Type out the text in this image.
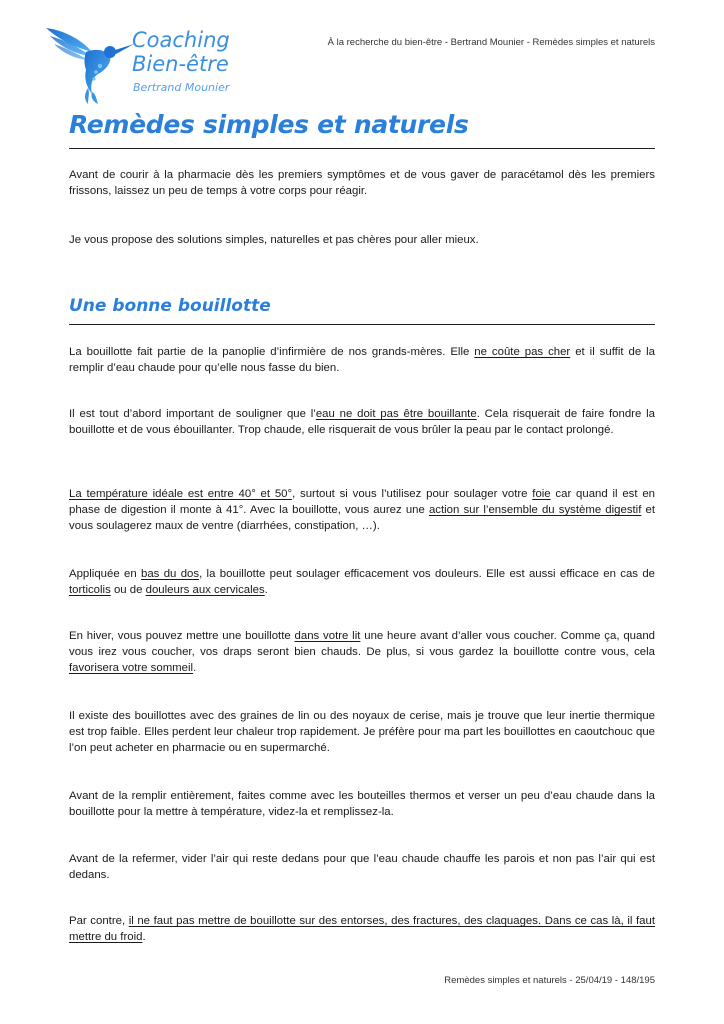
Coaching
Bien-être
Bertrand Mounier
À la recherche du bien-être - Bertrand Mounier - Remèdes simples et naturels
Remèdes simples et naturels
Avant de courir à la pharmacie dès les premiers symptômes et de vous gaver de paracétamol dès les premiers frissons, laissez un peu de temps à votre corps pour réagir.
Je vous propose des solutions simples, naturelles et pas chères pour aller mieux.
Une bonne bouillotte
La bouillotte fait partie de la panoplie d’infirmière de nos grands-mères. Elle ne coûte pas cher et il suffit de la remplir d’eau chaude pour qu’elle nous fasse du bien.
Il est tout d’abord important de souligner que l’eau ne doit pas être bouillante. Cela risquerait de faire fondre la bouillotte et de vous ébouillanter. Trop chaude, elle risquerait de vous brûler la peau par le contact prolongé.
La température idéale est entre 40° et 50°, surtout si vous l’utilisez pour soulager votre foie car quand il est en phase de digestion il monte à 41°. Avec la bouillotte, vous aurez une action sur l’ensemble du système digestif et vous soulagerez maux de ventre (diarrhées, constipation, …).
Appliquée en bas du dos, la bouillotte peut soulager efficacement vos douleurs. Elle est aussi efficace en cas de torticolis ou de douleurs aux cervicales.
En hiver, vous pouvez mettre une bouillotte dans votre lit une heure avant d’aller vous coucher. Comme ça, quand vous irez vous coucher, vos draps seront bien chauds. De plus, si vous gardez la bouillotte contre vous, cela favorisera votre sommeil.
Il existe des bouillottes avec des graines de lin ou des noyaux de cerise, mais je trouve que leur inertie thermique est trop faible. Elles perdent leur chaleur trop rapidement. Je préfère pour ma part les bouillottes en caoutchouc que l’on peut acheter en pharmacie ou en supermarché.
Avant de la remplir entièrement, faites comme avec les bouteilles thermos et verser un peu d’eau chaude dans la bouillotte pour la mettre à température, videz-la et remplissez-la.
Avant de la refermer, vider l’air qui reste dedans pour que l’eau chaude chauffe les parois et non pas l’air qui est dedans.
Par contre, il ne faut pas mettre de bouillotte sur des entorses, des fractures, des claquages. Dans ce cas là, il faut mettre du froid.
Remèdes simples et naturels - 25/04/19 - 148/195
